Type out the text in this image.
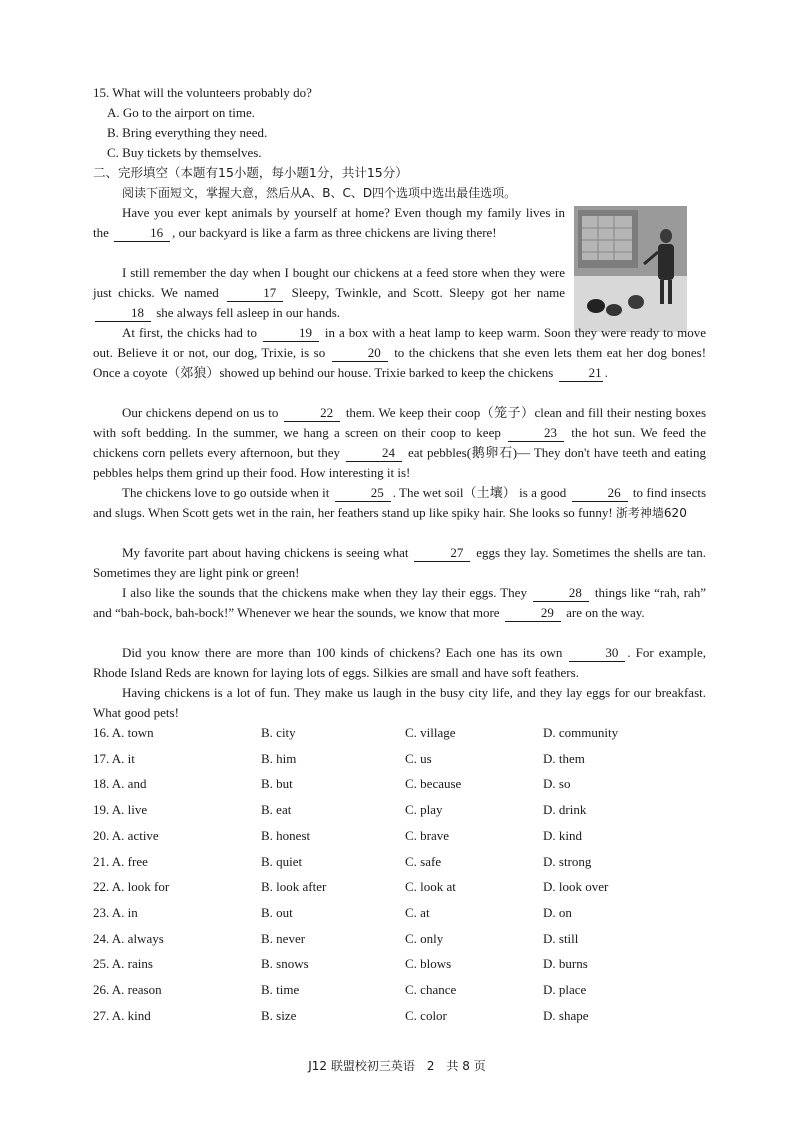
15. What will the volunteers probably do?
A. Go to the airport on time.
B. Bring everything they need.
C. Buy tickets by themselves.
二、完形填空（本题有15小题，每小题1分，共计15分）
阅读下面短文，掌握大意，然后从A、B、C、D四个选项中选出最佳选项。
Have you ever kept animals by yourself at home? Even though my family lives in the	16 , our backyard is like a farm as three chickens are living there!
I still remember the day when I bought our chickens at a feed store when they were just chicks. We named	17 Sleepy, Twinkle, and Scott. Sleepy got her name 18 she always fell asleep in our hands.
At first, the chicks had to	19 in a box with a heat lamp to keep warm. Soon they were ready to move out. Believe it or not, our dog, Trixie, is so	20 to the chickens that she even lets them eat her dog bones! Once a coyote（郊狼）showed up behind our house. Trixie barked to keep the chickens	21 .
Our chickens depend on us to	22 them. We keep their coop（笼子）clean and fill their nesting boxes with soft bedding. In the summer, we hang a screen on their coop to keep	23 the hot sun. We feed the chickens corn pellets every afternoon, but they	24 eat pebbles(鹅卵石)— They don't have teeth and eating pebbles helps them grind up their food. How interesting it is!
The chickens love to go outside when it	25 . The wet soil（土壤） is a good	26 to find insects and slugs. When Scott gets wet in the rain, her feathers stand up like spiky hair. She looks so funny! 浙考神墙620
My favorite part about having chickens is seeing what	27 eggs they lay. Sometimes the shells are tan. Sometimes they are light pink or green!
I also like the sounds that the chickens make when they lay their eggs. They	28 things like “rah, rah” and “bah-bock, bah-bock!” Whenever we hear the sounds, we know that more	29 are on the way.
Did you know there are more than 100 kinds of chickens? Each one has its own	30 . For example, Rhode Island Reds are known for laying lots of eggs. Silkies are small and have soft feathers.
Having chickens is a lot of fun. They make us laugh in the busy city life, and they lay eggs for our breakfast. What good pets!
16. A. town	B. city	C. village	D. community
17. A. it	B. him	C. us	D. them
18. A. and	B. but	C. because	D. so
19. A. live	B. eat	C. play	D. drink
20. A. active	B. honest	C. brave	D. kind
21. A. free	B. quiet	C. safe	D. strong
22. A. look for	B. look after	C. look at	D. look over
23. A. in	B. out	C. at	D. on
24. A. always	B. never	C. only	D. still
25. A. rains	B. snows	C. blows	D. burns
26. A. reason	B. time	C. chance	D. place
27. A. kind	B. size	C. color	D. shape
J12 联盟校初三英语　2　共 8 页
